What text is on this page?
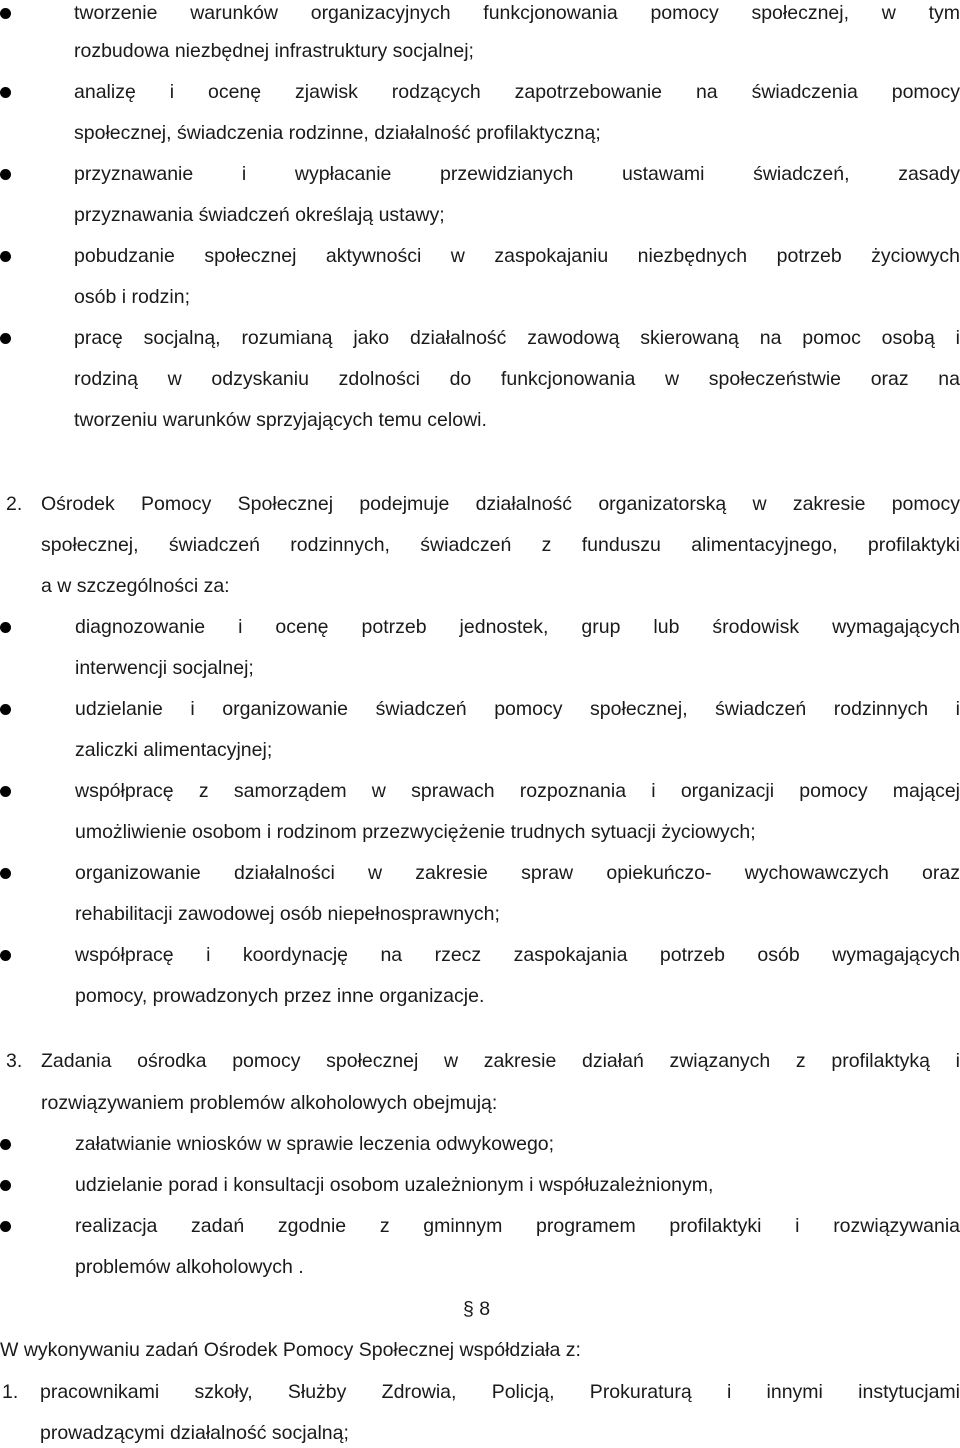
tworzenie warunków organizacyjnych funkcjonowania pomocy społecznej, w tym
rozbudowa niezbędnej infrastruktury socjalnej;
analizę i ocenę zjawisk rodzących zapotrzebowanie na świadczenia pomocy
społecznej, świadczenia rodzinne, działalność profilaktyczną;
przyznawanie i wypłacanie przewidzianych ustawami świadczeń, zasady
przyznawania świadczeń określają ustawy;
pobudzanie społecznej aktywności w zaspokajaniu niezbędnych potrzeb życiowych
osób i rodzin;
pracę socjalną, rozumianą jako działalność zawodową skierowaną na pomoc osobą i
rodziną w odzyskaniu zdolności do funkcjonowania w społeczeństwie oraz na
tworzeniu warunków sprzyjających temu celowi.
2. Ośrodek Pomocy Społecznej podejmuje działalność organizatorską w zakresie pomocy
społecznej, świadczeń rodzinnych, świadczeń z funduszu alimentacyjnego, profilaktyki
a w szczególności za:
diagnozowanie i ocenę potrzeb jednostek, grup lub środowisk wymagających
interwencji socjalnej;
udzielanie i organizowanie świadczeń pomocy społecznej, świadczeń rodzinnych i
zaliczki alimentacyjnej;
współpracę z samorządem w sprawach rozpoznania i organizacji pomocy mającej
umożliwienie osobom i rodzinom przezwyciężenie trudnych sytuacji życiowych;
organizowanie działalności w zakresie spraw opiekuńczo- wychowawczych oraz
rehabilitacji zawodowej osób niepełnosprawnych;
współpracę i koordynację na rzecz zaspokajania potrzeb osób wymagających
pomocy, prowadzonych przez inne organizacje.
3. Zadania ośrodka pomocy społecznej w zakresie działań związanych z profilaktyką i
rozwiązywaniem problemów alkoholowych obejmują:
załatwianie wniosków w sprawie leczenia odwykowego;
udzielanie porad i konsultacji osobom uzależnionym i współuzależnionym,
realizacja zadań zgodnie z gminnym programem profilaktyki i rozwiązywania
problemów alkoholowych .
§ 8
W wykonywaniu zadań Ośrodek Pomocy Społecznej współdziała z:
1. pracownikami szkoły, Służby Zdrowia, Policją, Prokuraturą i innymi instytucjami
prowadzącymi działalność socjalną;
